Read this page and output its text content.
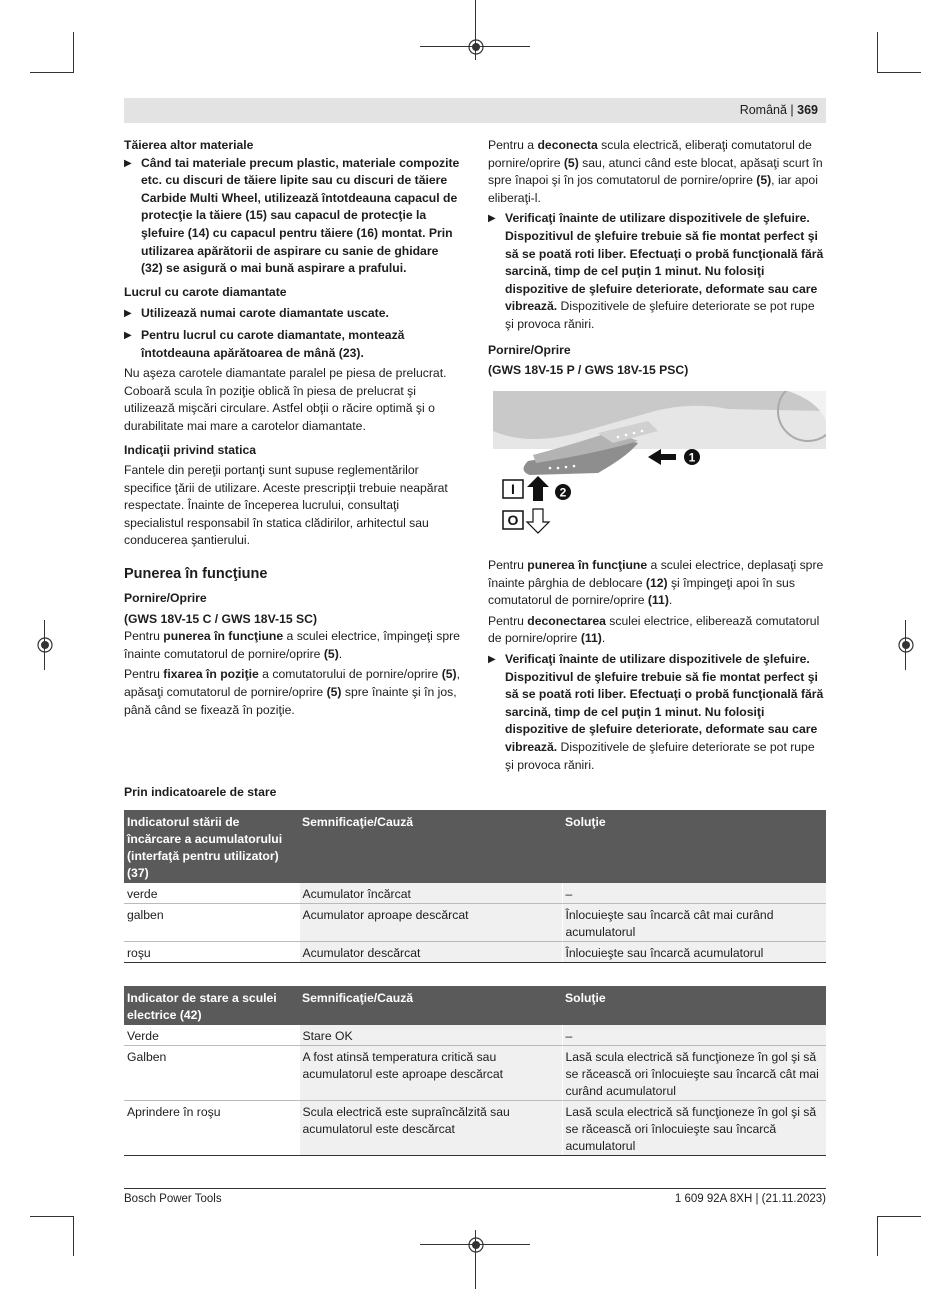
Română | 369

Tăierea altor materiale

▶ Când tai materiale precum plastic, materiale compozite etc. cu discuri de tăiere lipite sau cu discuri de tăiere Carbide Multi Wheel, utilizează întotdeauna capacul de protecţie la tăiere (15) sau capacul de protecţie la şlefuire (14) cu capacul pentru tăiere (16) montat. Prin utilizarea apărătorii de aspirare cu sanie de ghidare (32) se asigură o mai bună aspirare a prafului.

Lucrul cu carote diamantate

▶ Utilizează numai carote diamantate uscate.

▶ Pentru lucrul cu carote diamantate, montează întotdeauna apărătoarea de mână (23).

Nu aşeza carotele diamantate paralel pe piesa de prelucrat. Coboară scula în poziţie oblică în piesa de prelucrat şi utilizează mişcări circulare. Astfel obţii o răcire optimă şi o durabilitate mai mare a carotelor diamantate.

Indicaţii privind statica

Fantele din pereţii portanţi sunt supuse reglementărilor specifice ţării de utilizare. Aceste prescripţii trebuie neapărat respectate. Înainte de începerea lucrului, consultaţi specialistul responsabil în statica clădirilor, arhitectul sau conducerea şantierului.

Punerea în funcţiune

Pornire/Oprire

(GWS 18V-15 C / GWS 18V-15 SC)

Pentru punerea în funcţiune a sculei electrice, împingeţi spre înainte comutatorul de pornire/oprire (5).

Pentru fixarea în poziţie a comutatorului de pornire/oprire (5), apăsaţi comutatorul de pornire/oprire (5) spre înainte şi în jos, până când se fixează în poziţie.

Pentru a deconecta scula electrică, eliberaţi comutatorul de pornire/oprire (5) sau, atunci când este blocat, apăsaţi scurt în spre înapoi şi în jos comutatorul de pornire/oprire (5), iar apoi eliberaţi-l.

▶ Verificaţi înainte de utilizare dispozitivele de şlefuire. Dispozitivul de şlefuire trebuie să fie montat perfect şi să se poată roti liber. Efectuaţi o probă funcţională fără sarcină, timp de cel puţin 1 minut. Nu folosiţi dispozitive de şlefuire deteriorate, deformate sau care vibrează. Dispozitivele de şlefuire deteriorate se pot rupe şi provoca răniri.

Pornire/Oprire

(GWS 18V-15 P / GWS 18V-15 PSC)

1
I	2
O

Pentru punerea în funcţiune a sculei electrice, deplasaţi spre înainte pârghia de deblocare (12) şi împingeţi apoi în sus comutatorul de pornire/oprire (11).

Pentru deconectarea sculei electrice, eliberează comutatorul de pornire/oprire (11).

▶ Verificaţi înainte de utilizare dispozitivele de şlefuire. Dispozitivul de şlefuire trebuie să fie montat perfect şi să se poată roti liber. Efectuaţi o probă funcţională fără sarcină, timp de cel puţin 1 minut. Nu folosiţi dispozitive de şlefuire deteriorate, deformate sau care vibrează. Dispozitivele de şlefuire deteriorate se pot rupe şi provoca răniri.

Prin indicatoarele de stare

Indicatorul stării de încărcare a acumulatorului (interfaţă pentru utilizator) (37)	Semnificaţie/Cauză	Soluţie
verde	Acumulator încărcat	–
galben	Acumulator aproape descărcat	Înlocuieşte sau încarcă cât mai curând acumulatorul
roşu	Acumulator descărcat	Înlocuieşte sau încarcă acumulatorul
Indicator de stare a sculei electrice (42)	Semnificaţie/Cauză	Soluţie
Verde	Stare OK	–
Galben	A fost atinsă temperatura critică sau acumulatorul este aproape descărcat	Lasă scula electrică să funcţioneze în gol şi să se răcească ori înlocuieşte sau încarcă cât mai curând acumulatorul
Aprindere în roşu	Scula electrică este supraîncălzită sau acumulatorul este descărcat	Lasă scula electrică să funcţioneze în gol şi să se răcească ori înlocuieşte sau încarcă acumulatorul
Bosch Power Tools	1 609 92A 8XH | (21.11.2023)
